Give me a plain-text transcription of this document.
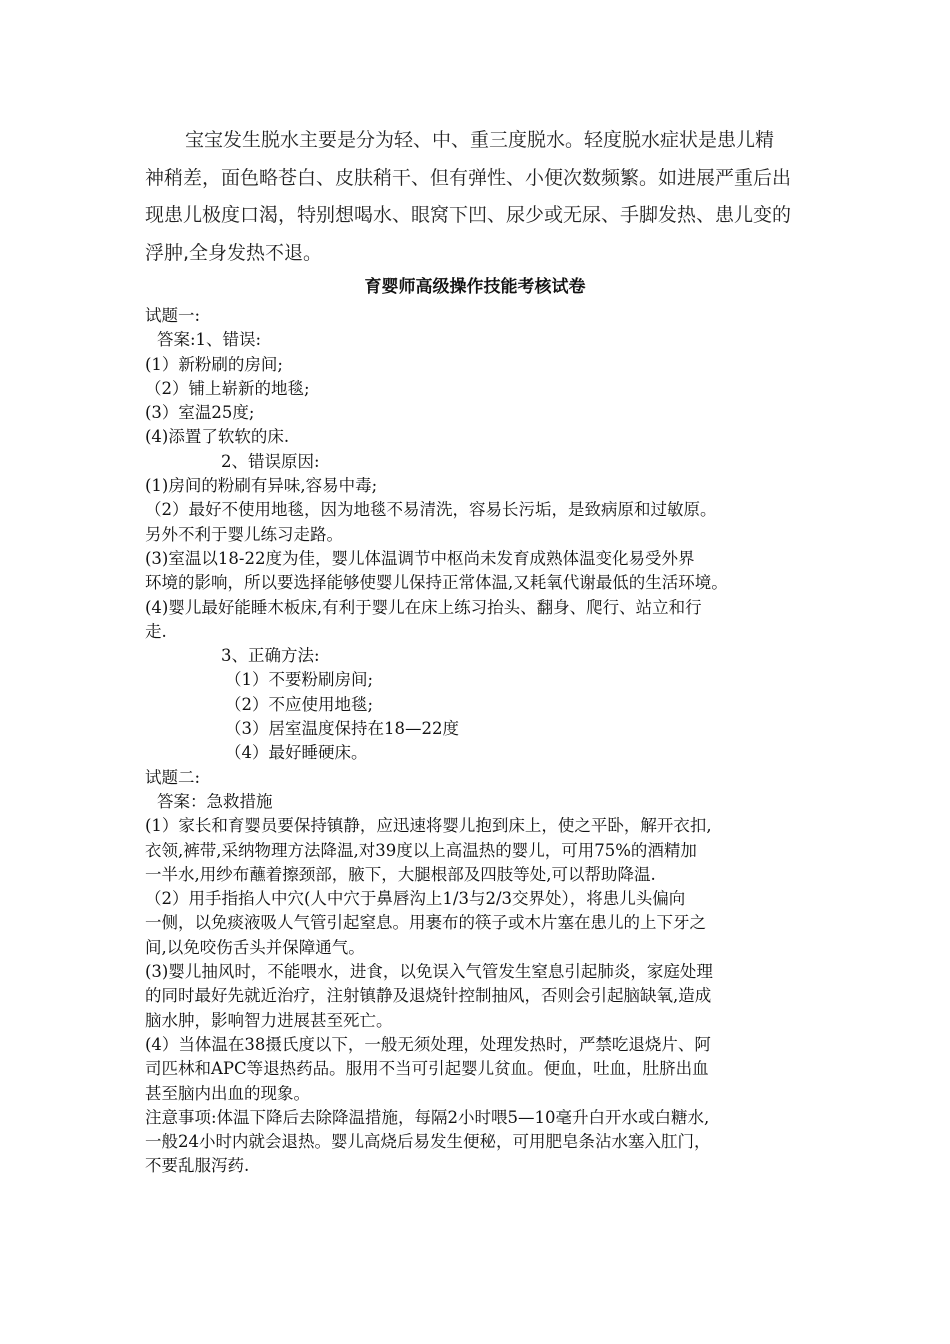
宝宝发生脱水主要是分为轻、中、重三度脱水。轻度脱水症状是患儿精
神稍差，面色略苍白、皮肤稍干、但有弹性、小便次数频繁。如进展严重后出
现患儿极度口渴，特别想喝水、眼窝下凹、尿少或无尿、手脚发热、患儿变的
浮肿,全身发热不退。
育婴师高级操作技能考核试卷
试题一:
答案:1、错误:
(1）新粉刷的房间;
（2）铺上崭新的地毯;
(3）室温25度;
(4)添置了软软的床.
2、错误原因:
(1)房间的粉刷有异味,容易中毒;
（2）最好不使用地毯，因为地毯不易清洗，容易长污垢，是致病原和过敏原。
另外不利于婴儿练习走路。
(3)室温以18-22度为佳，婴儿体温调节中枢尚未发育成熟体温变化易受外界
环境的影响，所以要选择能够使婴儿保持正常体温,又耗氧代谢最低的生活环境。
(4)婴儿最好能睡木板床,有利于婴儿在床上练习抬头、翻身、爬行、站立和行
走.
3、正确方法:
（1）不要粉刷房间;
（2）不应使用地毯;
（3）居室温度保持在18—22度
（4）最好睡硬床。
试题二:
答案：急救措施
(1）家长和育婴员要保持镇静，应迅速将婴儿抱到床上，使之平卧，解开衣扣,
衣领,裤带,采纳物理方法降温,对39度以上高温热的婴儿，可用75%的酒精加
一半水,用纱布蘸着擦颈部，腋下，大腿根部及四肢等处,可以帮助降温.
（2）用手指掐人中穴(人中穴于鼻唇沟上1/3与2/3交界处），将患儿头偏向
一侧，以免痰液吸人气管引起窒息。用裹布的筷子或木片塞在患儿的上下牙之
间,以免咬伤舌头并保障通气。
(3)婴儿抽风时，不能喂水，进食，以免误入气管发生窒息引起肺炎，家庭处理
的同时最好先就近治疗，注射镇静及退烧针控制抽风，否则会引起脑缺氧,造成
脑水肿，影响智力进展甚至死亡。
(4）当体温在38摄氏度以下，一般无须处理，处理发热时，严禁吃退烧片、阿
司匹林和APC等退热药品。服用不当可引起婴儿贫血。便血，吐血，肚脐出血
甚至脑内出血的现象。
注意事项:体温下降后去除降温措施，每隔2小时喂5—10毫升白开水或白糖水,
一般24小时内就会退热。婴儿高烧后易发生便秘，可用肥皂条沾水塞入肛门，
不要乱服泻药.
